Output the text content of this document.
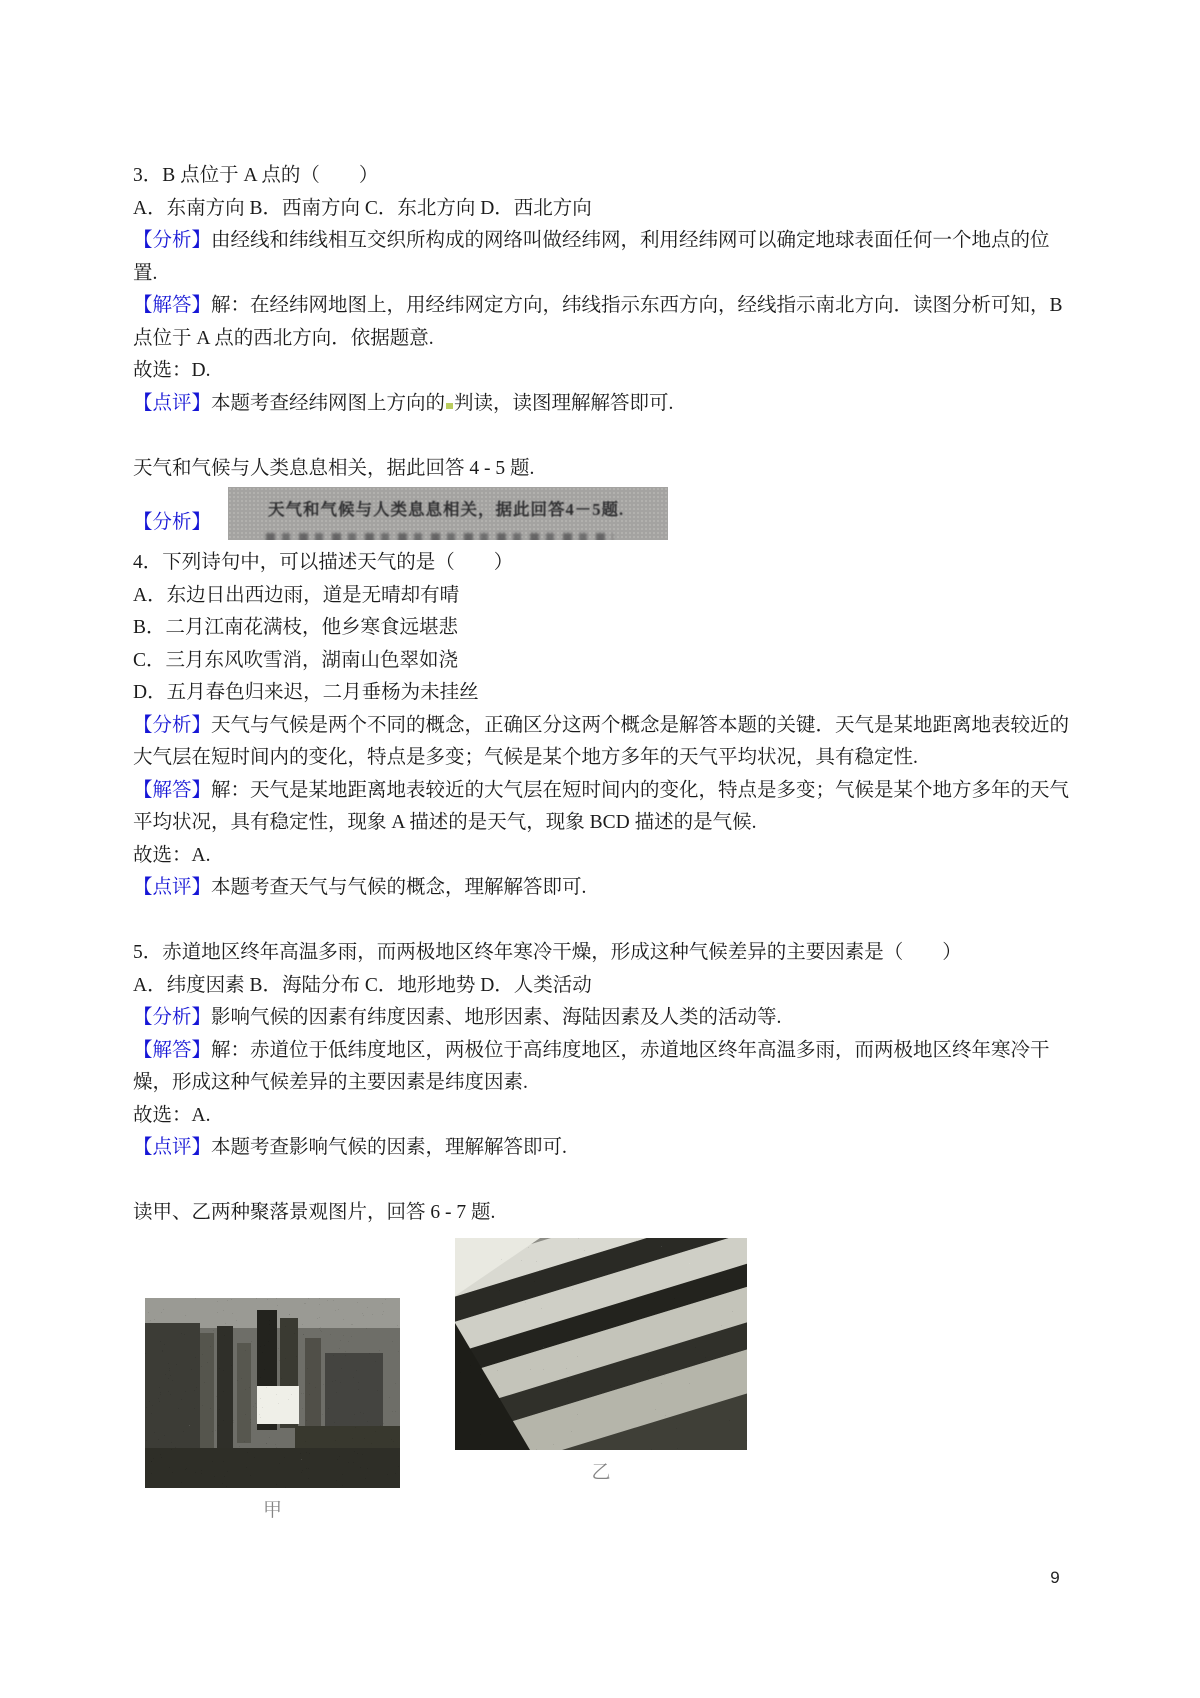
3．B 点位于 A 点的（　　）

A．东南方向 B．西南方向 C．东北方向 D．西北方向

【分析】由经线和纬线相互交织所构成的网络叫做经纬网，利用经纬网可以确定地球表面任何一个地点的位置.

【解答】解：在经纬网地图上，用经纬网定方向，纬线指示东西方向，经线指示南北方向．读图分析可知，B 点位于 A 点的西北方向．依据题意.

故选：D.

【点评】本题考查经纬网图上方向的 判读，读图理解解答即可.

天气和气候与人类息息相关，据此回答 4 - 5 题.

【分析】
天气和气候与人类息息相关，据此回答4－5题.

4．下列诗句中，可以描述天气的是（　　）

A．东边日出西边雨，道是无晴却有晴

B．二月江南花满枝，他乡寒食远堪悲

C．三月东风吹雪消，湖南山色翠如浇

D．五月春色归来迟，二月垂杨为未挂丝

【分析】天气与气候是两个不同的概念，正确区分这两个概念是解答本题的关键．天气是某地距离地表较近的大气层在短时间内的变化，特点是多变；气候是某个地方多年的天气平均状况，具有稳定性.

【解答】解：天气是某地距离地表较近的大气层在短时间内的变化，特点是多变；气候是某个地方多年的天气平均状况，具有稳定性，现象 A 描述的是天气，现象 BCD 描述的是气候.

故选：A.

【点评】本题考查天气与气候的概念，理解解答即可.

5．赤道地区终年高温多雨，而两极地区终年寒冷干燥，形成这种气候差异的主要因素是（　　）

A．纬度因素 B．海陆分布 C．地形地势 D．人类活动

【分析】影响气候的因素有纬度因素、地形因素、海陆因素及人类的活动等.

【解答】解：赤道位于低纬度地区，两极位于高纬度地区，赤道地区终年高温多雨，而两极地区终年寒冷干燥，形成这种气候差异的主要因素是纬度因素.

故选：A.

【点评】本题考查影响气候的因素，理解解答即可.

读甲、乙两种聚落景观图片，回答 6 - 7 题.

乙
甲
9
